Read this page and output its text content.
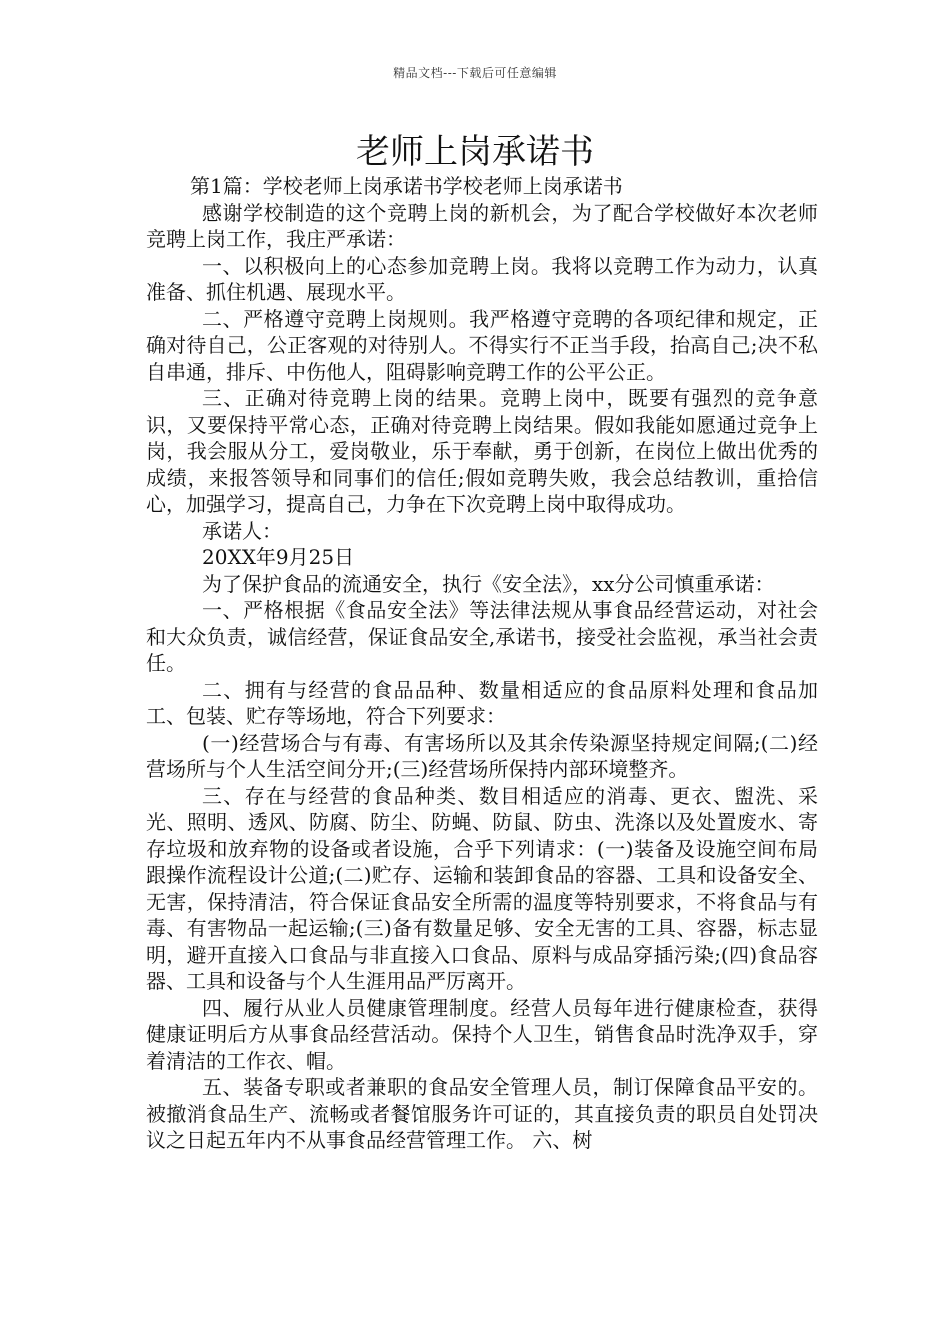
精品文档---下载后可任意编辑
老师上岗承诺书

第1篇：学校老师上岗承诺书学校老师上岗承诺书

感谢学校制造的这个竞聘上岗的新机会，为了配合学校做好本次老师竞聘上岗工作，我庄严承诺：

一、以积极向上的心态参加竞聘上岗。我将以竞聘工作为动力，认真准备、抓住机遇、展现水平。

二、严格遵守竞聘上岗规则。我严格遵守竞聘的各项纪律和规定，正确对待自己，公正客观的对待别人。不得实行不正当手段，抬高自己;决不私自串通，排斥、中伤他人，阻碍影响竞聘工作的公平公正。

三、正确对待竞聘上岗的结果。竞聘上岗中，既要有强烈的竞争意识，又要保持平常心态，正确对待竞聘上岗结果。假如我能如愿通过竞争上岗，我会服从分工，爱岗敬业，乐于奉献，勇于创新，在岗位上做出优秀的成绩，来报答领导和同事们的信任;假如竞聘失败，我会总结教训，重拾信心，加强学习，提高自己，力争在下次竞聘上岗中取得成功。

承诺人：

20XX年9月25日

为了保护食品的流通安全，执行《安全法》，xx分公司慎重承诺：

一、严格根据《食品安全法》等法律法规从事食品经营运动，对社会和大众负责，诚信经营，保证食品安全,承诺书，接受社会监视，承当社会责任。

二、拥有与经营的食品品种、数量相适应的食品原料处理和食品加工、包装、贮存等场地，符合下列要求：

(一)经营场合与有毒、有害场所以及其余传染源坚持规定间隔;(二)经营场所与个人生活空间分开;(三)经营场所保持内部环境整齐。

三、存在与经营的食品种类、数目相适应的消毒、更衣、盥洗、采光、照明、透风、防腐、防尘、防蝇、防鼠、防虫、洗涤以及处置废水、寄存垃圾和放弃物的设备或者设施，合乎下列请求：(一)装备及设施空间布局跟操作流程设计公道;(二)贮存、运输和装卸食品的容器、工具和设备安全、无害，保持清洁，符合保证食品安全所需的温度等特别要求，不将食品与有毒、有害物品一起运输;(三)备有数量足够、安全无害的工具、容器，标志显明，避开直接入口食品与非直接入口食品、原料与成品穿插污染;(四)食品容器、工具和设备与个人生涯用品严厉离开。

四、履行从业人员健康管理制度。经营人员每年进行健康检查，获得健康证明后方从事食品经营活动。保持个人卫生，销售食品时洗净双手，穿着清洁的工作衣、帽。

五、装备专职或者兼职的食品安全管理人员，制订保障食品平安的。被撤消食品生产、流畅或者餐馆服务许可证的，其直接负责的职员自处罚决议之日起五年内不从事食品经营管理工作。 六、树
